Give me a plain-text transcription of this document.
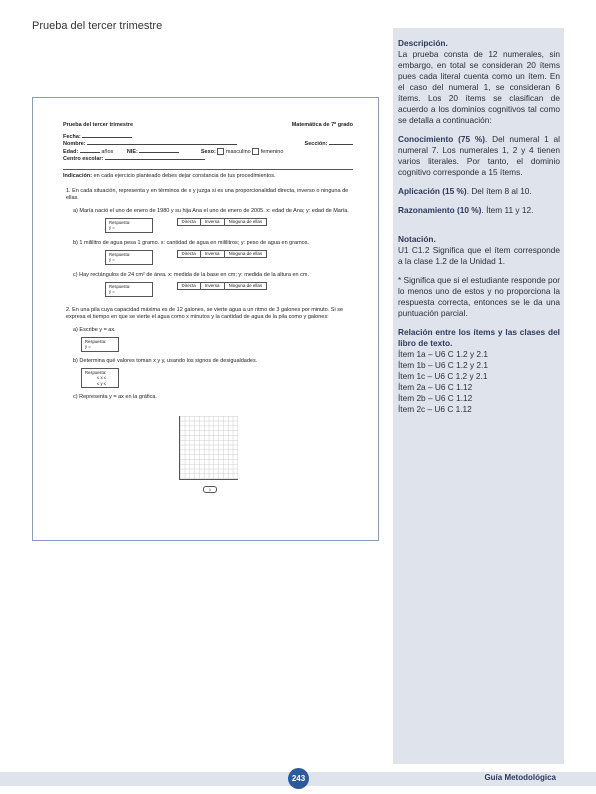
Prueba del tercer trimestre
Prueba del tercer trimestre	Matemática de 7º grado
Fecha:
Nombre:	Sección:
Edad:	años NIE:	Sexo: masculino femenino
Centro escolar:
Indicación: en cada ejercicio planteado debes dejar constancia de tus procedimientos.
1. En cada situación, representa y en términos de x y juzga si es una proporcionalidad directa, inverso o ninguna de ellas.
a) María nació el uno de enero de 1980 y su hija Ana el uno de enero de 2005. x: edad de Ana; y: edad de María.
Respuesta:
y =
Directa	Inversa	Ninguna de ellas
b) 1 mililitro de agua pesa 1 gramo. x: cantidad de agua en mililitros; y: peso de agua en gramos.
Respuesta:
y =
Directa	Inversa	Ninguna de ellas
c) Hay rectángulos de 24 cm² de área. x: medida de la base en cm; y: medida de la altura en cm.
Respuesta:
y =
Directa	Inversa	Ninguna de ellas
2. En una pila cuya capacidad máxima es de 12 galones, se vierte agua a un ritmo de 3 galones por minuto. Si se expresa el tiempo en que se vierte el agua como x minutos y la cantidad de agua de la pila como y galones:
a) Escribe y = ax.
Respuesta:
y =
b) Determina qué valores toman x y y, usando los signos de desigualdades.
Respuesta:
≤ x ≤
≤ y ≤
c) Representa y = ax en la gráfica.
1

Descripción.
La prueba consta de 12 numerales, sin embargo, en total se consideran 20 ítems pues cada literal cuenta como un ítem. En el caso del numeral 1, se consideran 6 ítems. Los 20 ítems se clasifican de acuerdo a los dominios cognitivos tal como se detalla a continuación:

Conocimiento (75 %). Del numeral 1 al numeral 7. Los numerales 1, 2 y 4 tienen varios literales. Por tanto, el dominio cognitivo corresponde a 15 ítems.

Aplicación (15 %). Del ítem 8 al 10.

Razonamiento (10 %). Ítem 11 y 12.

Notación.
U1 C1.2 Significa que el ítem corresponde a la clase 1.2 de la Unidad 1.

* Significa que si el estudiante responde por lo menos uno de estos y no proporciona la respuesta correcta, entonces se le da una puntuación parcial.

Relación entre los ítems y las clases del libro de texto.

Ítem 1a – U6 C 1.2 y 2.1
Ítem 1b – U6 C 1.2 y 2.1
Ítem 1c – U6 C 1.2 y 2.1
Ítem 2a – U6 C 1.12
Ítem 2b – U6 C 1.12
Ítem 2c – U6 C 1.12
243	Guía Metodológica
